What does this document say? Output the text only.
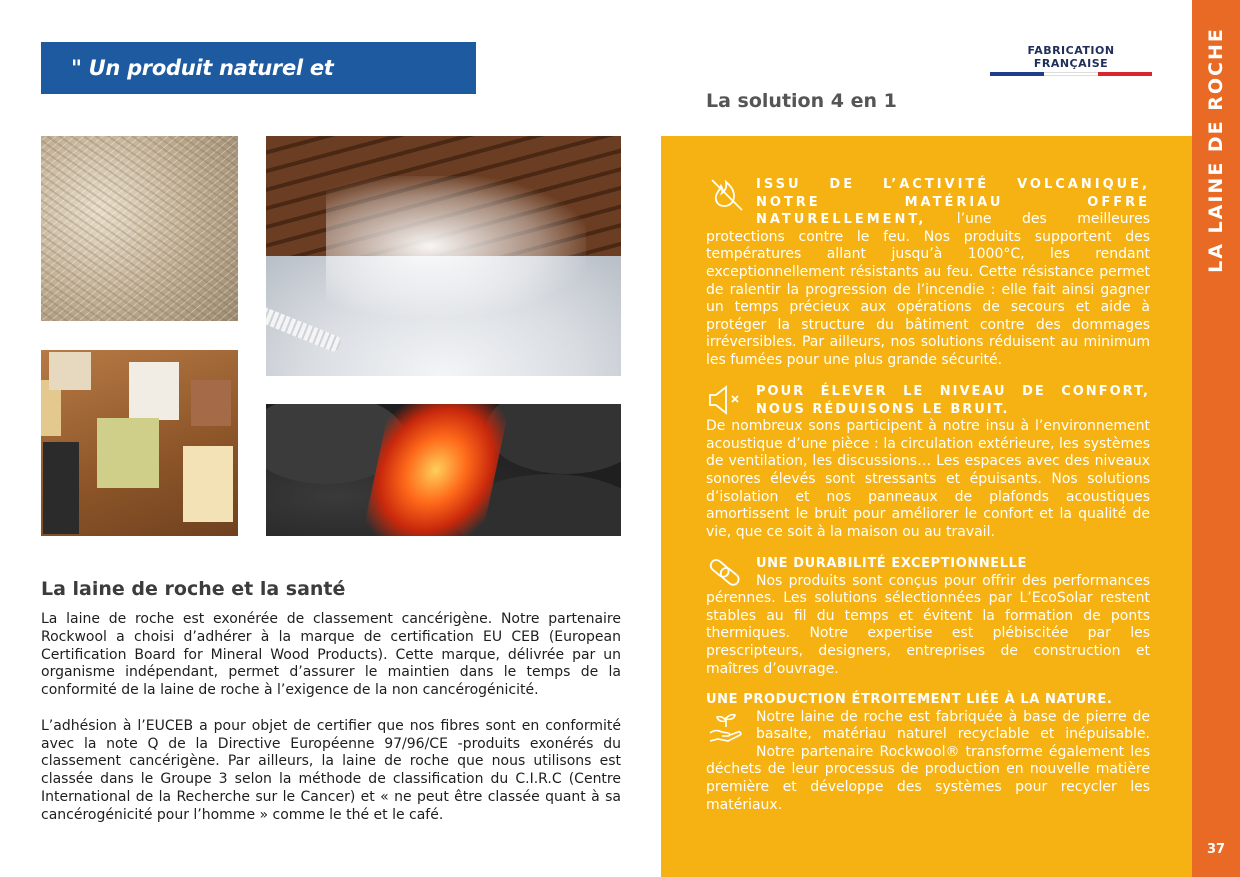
LA LAINE DE ROCHE
37
" Un produit naturel et performant. "
FABRICATION FRANÇAISE
La laine de roche et la santé

La laine de roche est exonérée de classement cancérigène. Notre partenaire Rockwool a choisi d’adhérer à la marque de certification EU CEB (European Certification Board for Mineral Wood Products). Cette marque, délivrée par un organisme indépendant, permet d’assurer le maintien dans le temps de la conformité de la laine de roche à l’exigence de la non cancérogénicité.

L’adhésion à l’EUCEB a pour objet de certifier que nos fibres sont en conformité avec la note Q de la Directive Européenne 97/96/CE -produits exonérés du classement cancérigène. Par ailleurs, la laine de roche que nous utilisons est classée dans le Groupe 3 selon la méthode de classification du C.I.R.C (Centre International de la Recherche sur le Cancer) et « ne peut être classée quant à sa cancérogénicité pour l’homme » comme le thé et le café.

La solution 4 en 1
ISSU DE L’ACTIVITÉ VOLCANIQUE, NOTRE MATÉRIAU OFFRE NATURELLEMENT, l’une des meilleures protections contre le feu. Nos produits supportent des températures allant jusqu’à 1000°C, les rendant exceptionnellement résistants au feu. Cette résistance permet de ralentir la progression de l’incendie : elle fait ainsi gagner un temps précieux aux opérations de secours et aide à protéger la structure du bâtiment contre des dommages irréversibles. Par ailleurs, nos solutions réduisent au minimum les fumées pour une plus grande sécurité.
POUR ÉLEVER LE NIVEAU DE CONFORT, NOUS RÉDUISONS LE BRUIT.
De nombreux sons participent à notre insu à l’environnement acoustique d’une pièce : la circulation extérieure, les systèmes de ventilation, les discussions… Les espaces avec des niveaux sonores élevés sont stressants et épuisants. Nos solutions d’isolation et nos panneaux de plafonds acoustiques amortissent le bruit pour améliorer le confort et la qualité de vie, que ce soit à la maison ou au travail.
UNE DURABILITÉ EXCEPTIONNELLE
Nos produits sont conçus pour offrir des performances pérennes. Les solutions sélectionnées par L’EcoSolar restent stables au fil du temps et évitent la formation de ponts thermiques. Notre expertise est plébiscitée par les prescripteurs, designers, entreprises de construction et maîtres d’ouvrage.
UNE PRODUCTION ÉTROITEMENT LIÉE À LA NATURE.
Notre laine de roche est fabriquée à base de pierre de basalte, matériau naturel recyclable et inépuisable. Notre partenaire Rockwool® transforme également les déchets de leur processus de production en nouvelle matière première et développe des systèmes pour recycler les matériaux.
